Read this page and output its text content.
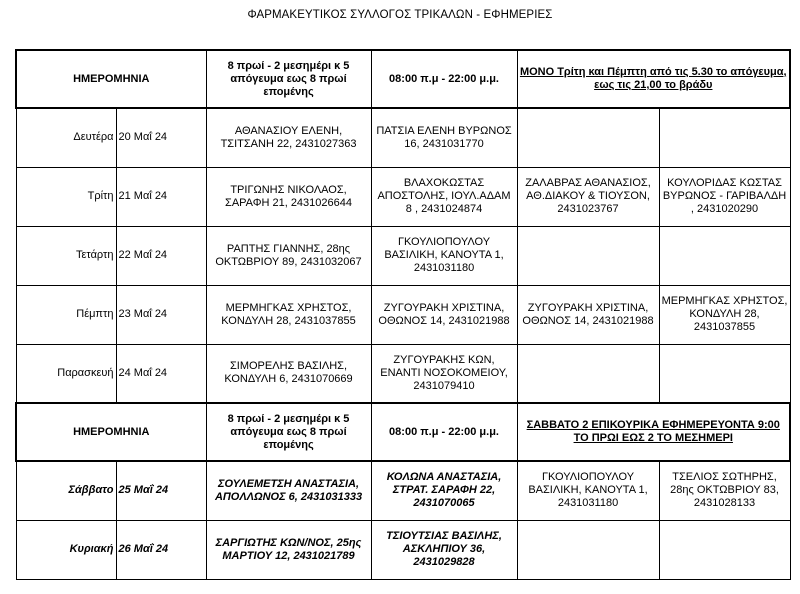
ΦΑΡΜΑΚΕΥΤΙΚΟΣ ΣΥΛΛΟΓΟΣ ΤΡΙΚΑΛΩΝ - ΕΦΗΜΕΡΙΕΣ
ΗΜΕΡΟΜΗΝΙΑ		8 πρωί - 2 μεσημέρι κ 5 απόγευμα εως 8 πρωί επομένης	08:00 π.μ - 22:00 μ.μ.	ΜΟΝΟ Τρίτη και Πέμπτη από τις 5.30 το απόγευμα, εως τις 21,00 το βράδυ	
Δευτέρα	20 Μαΐ 24	ΑΘΑΝΑΣΙΟΥ ΕΛΕΝΗ, ΤΣΙΤΣΑΝΗ 22, 2431027363	ΠΑΤΣΙΑ ΕΛΕΝΗ ΒΥΡΩΝΟΣ 16, 2431031770		
Τρίτη	21 Μαΐ 24	ΤΡΙΓΩΝΗΣ ΝΙΚΟΛΑΟΣ, ΣΑΡΑΦΗ 21, 2431026644	ΒΛΑΧΟΚΩΣΤΑΣ ΑΠΟΣΤΟΛΗΣ, ΙΟΥΛ.ΑΔΑΜ 8 , 2431024874	ΖΑΛΑΒΡΑΣ ΑΘΑΝΑΣΙΟΣ, ΑΘ.ΔΙΑΚΟΥ & ΤΙΟΥΣΟΝ, 2431023767	ΚΟΥΛΟΡΙΔΑΣ ΚΩΣΤΑΣ ΒΥΡΩΝΟΣ - ΓΑΡΙΒΑΛΔΗ , 2431020290
Τετάρτη	22 Μαΐ 24	ΡΑΠΤΗΣ ΓΙΑΝΝΗΣ, 28ης ΟΚΤΩΒΡΙΟΥ 89, 2431032067	ΓΚΟΥΛΙΟΠΟΥΛΟΥ ΒΑΣΙΛΙΚΗ, ΚΑΝΟΥΤΑ 1, 2431031180		
Πέμπτη	23 Μαΐ 24	ΜΕΡΜΗΓΚΑΣ ΧΡΗΣΤΟΣ, ΚΟΝΔΥΛΗ 28, 2431037855	ΖΥΓΟΥΡΑΚΗ ΧΡΙΣΤΙΝΑ, ΟΘΩΝΟΣ 14, 2431021988	ΖΥΓΟΥΡΑΚΗ ΧΡΙΣΤΙΝΑ, ΟΘΩΝΟΣ 14, 2431021988	ΜΕΡΜΗΓΚΑΣ ΧΡΗΣΤΟΣ, ΚΟΝΔΥΛΗ 28, 2431037855
Παρασκευή	24 Μαΐ 24	ΣΙΜΟΡΕΛΗΣ ΒΑΣΙΛΗΣ, ΚΟΝΔΥΛΗ 6, 2431070669	ΖΥΓΟΥΡΑΚΗΣ ΚΩΝ, ΕΝΑΝΤΙ ΝΟΣΟΚΟΜΕΙΟΥ, 2431079410		
ΗΜΕΡΟΜΗΝΙΑ		8 πρωί - 2 μεσημέρι κ 5 απόγευμα εως 8 πρωί επομένης	08:00 π.μ - 22:00 μ.μ.	ΣΑΒΒΑΤΟ 2 ΕΠΙΚΟΥΡΙΚΑ ΕΦΗΜΕΡΕΥΟΝΤΑ 9:00 ΤΟ ΠΡΩΙ ΕΩΣ 2 ΤΟ ΜΕΣΗΜΕΡΙ	
Σάββατο	25 Μαΐ 24	ΣΟΥΛΕΜΕΤΣΗ ΑΝΑΣΤΑΣΙΑ, ΑΠΟΛΛΩΝΟΣ 6, 2431031333	ΚΟΛΩΝΑ ΑΝΑΣΤΑΣΙΑ, ΣΤΡΑΤ. ΣΑΡΑΦΗ 22, 2431070065	ΓΚΟΥΛΙΟΠΟΥΛΟΥ ΒΑΣΙΛΙΚΗ, ΚΑΝΟΥΤΑ 1, 2431031180	ΤΣΕΛΙΟΣ ΣΩΤΗΡΗΣ, 28ης ΟΚΤΩΒΡΙΟΥ 83, 2431028133
Κυριακή	26 Μαΐ 24	ΣΑΡΓΙΩΤΗΣ ΚΩΝ/ΝΟΣ, 25ης ΜΑΡΤΙΟΥ 12, 2431021789	ΤΣΙΟΥΤΣΙΑΣ ΒΑΣΙΛΗΣ, ΑΣΚΛΗΠΙΟΥ 36, 2431029828		
